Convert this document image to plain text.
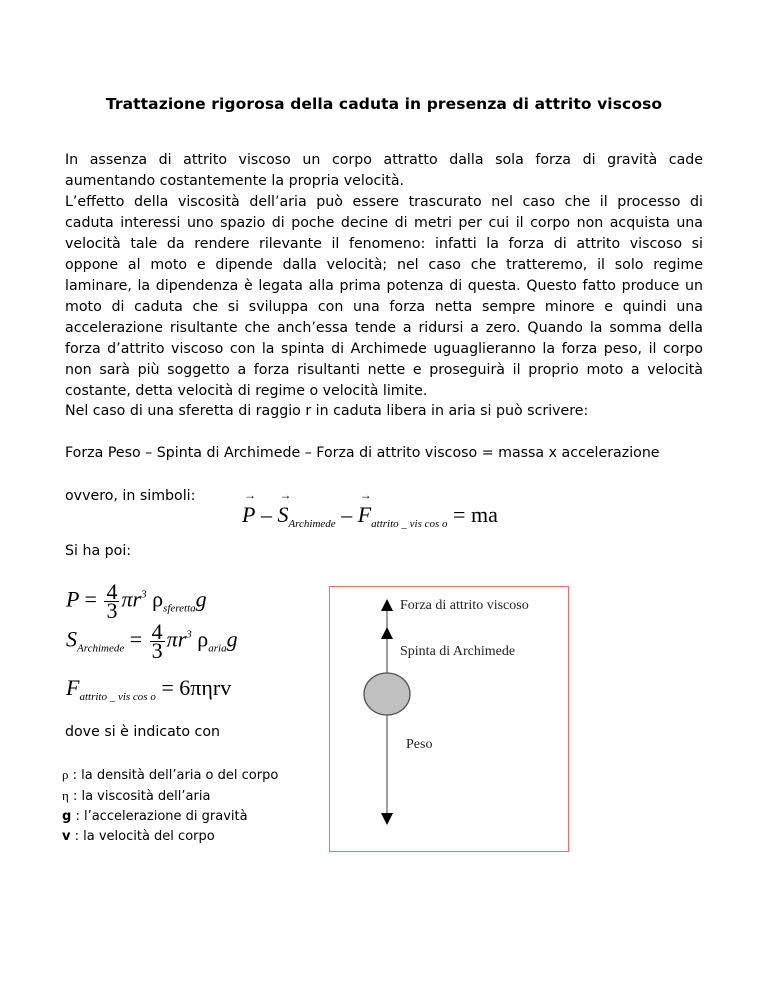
Trattazione rigorosa della caduta in presenza di attrito viscoso
In assenza di attrito viscoso un corpo attratto dalla sola forza di gravità cade
aumentando costantemente la propria velocità.
L’effetto della viscosità dell’aria può essere trascurato nel caso che il processo di
caduta interessi uno spazio di poche decine di metri per cui il corpo non acquista una
velocità tale da rendere rilevante il fenomeno: infatti la forza di attrito viscoso si
oppone al moto e dipende dalla velocità; nel caso che tratteremo, il solo regime
laminare, la dipendenza è legata alla prima potenza di questa. Questo fatto produce un
moto di caduta che si sviluppa con una forza netta sempre minore e quindi una
accelerazione risultante che anch’essa tende a ridursi a zero. Quando la somma della
forza d’attrito viscoso con la spinta di Archimede uguaglieranno la forza peso, il corpo
non sarà più soggetto a forza risultanti nette e proseguirà il proprio moto a velocità
costante, detta velocità di regime o velocità limite.
Nel caso di una sferetta di raggio r in caduta libera in aria si può scrivere:
Forza Peso – Spinta di Archimede – Forza di attrito viscoso = massa x accelerazione
ovvero, in simboli:
→ P – → $S_{Archimede}$ – → $F_{attrito \_ vis cos o}$ = ma
Si ha poi:
$P = \frac{4}{3} \pi r^3$ $\rho_{sferetta}g$
$S_{Archimede} = \frac{4}{3} \pi r^3$ $\rho_{aria}g$
$F_{attrito \_ vis cos o} = 6\pi\eta rv$
dove si è indicato con
ρ : la densità dell’aria o del corpo
η : la viscosità dell’aria
g : l’accelerazione di gravità
v : la velocità del corpo
Forza di attrito viscoso
Spinta di Archimede
Peso
